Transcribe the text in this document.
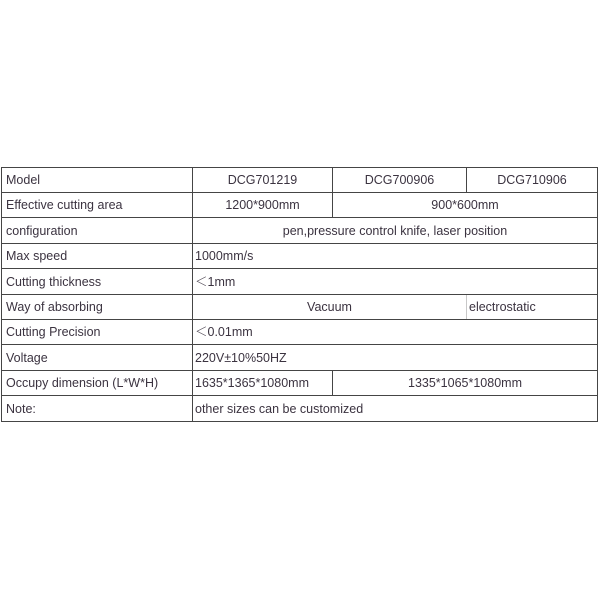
Model	DCG701219	DCG700906	DCG710906
Effective cutting area	1200*900mm	900*600mm	
configuration	pen,pressure control knife, laser position		
Max speed	1000mm/s		
Cutting thickness	＜1mm		
Way of absorbing	Vacuum		electrostatic
Cutting Precision	＜0.01mm		
Voltage	220V±10%50HZ		
Occupy dimension (L*W*H)	1635*1365*1080mm	1335*1065*1080mm	
Note:	other sizes can be customized		
